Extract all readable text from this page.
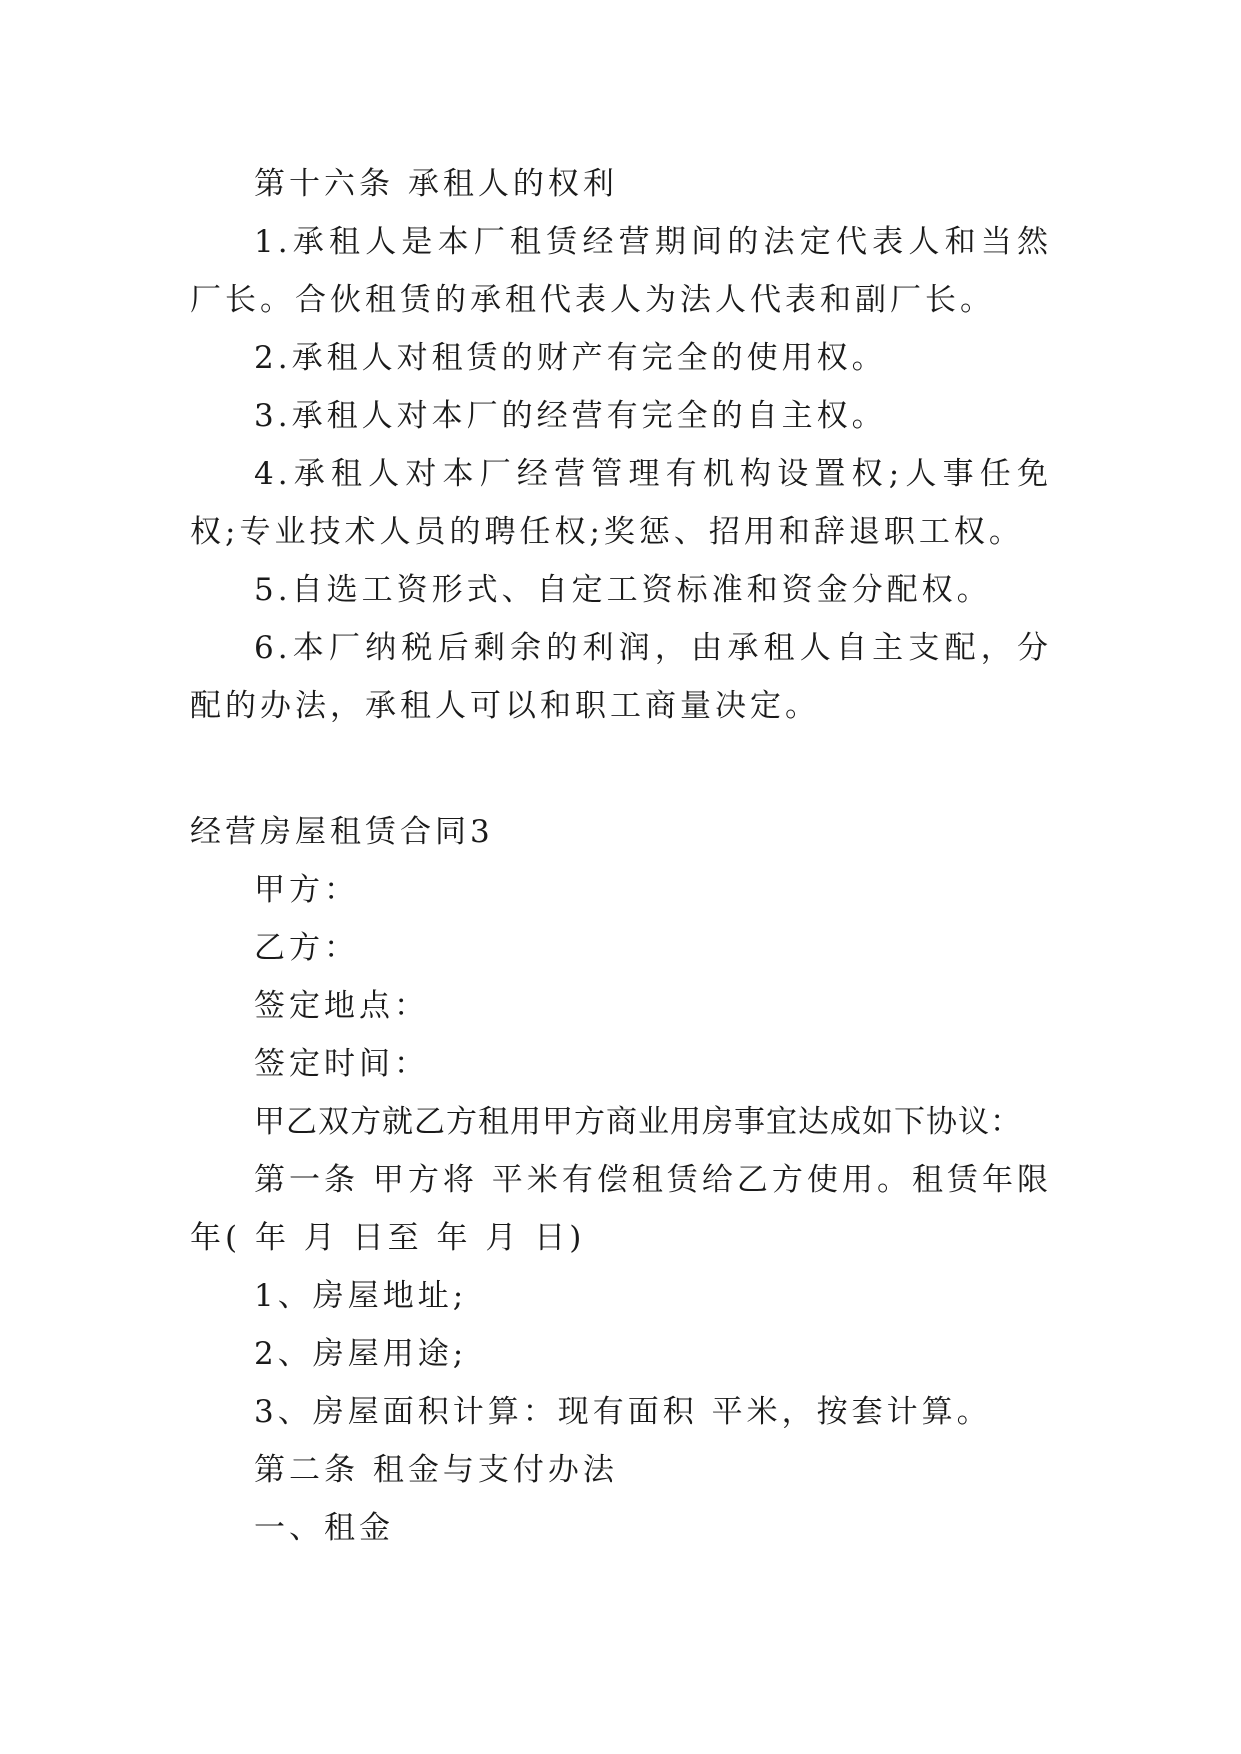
第十六条 承租人的权利

1.承租人是本厂租赁经营期间的法定代表人和当然厂长。合伙租赁的承租代表人为法人代表和副厂长。

2.承租人对租赁的财产有完全的使用权。

3.承租人对本厂的经营有完全的自主权。

4.承租人对本厂经营管理有机构设置权;人事任免权;专业技术人员的聘任权;奖惩、招用和辞退职工权。

5.自选工资形式、自定工资标准和资金分配权。

6.本厂纳税后剩余的利润，由承租人自主支配，分配的办法，承租人可以和职工商量决定。

经营房屋租赁合同3

甲方：

乙方：

签定地点：

签定时间：

甲乙双方就乙方租用甲方商业用房事宜达成如下协议：

第一条 甲方将 平米有偿租赁给乙方使用。租赁年限 年( 年 月 日至 年 月 日)

1、房屋地址;

2、房屋用途;

3、房屋面积计算：现有面积 平米，按套计算。

第二条 租金与支付办法

一、租金
